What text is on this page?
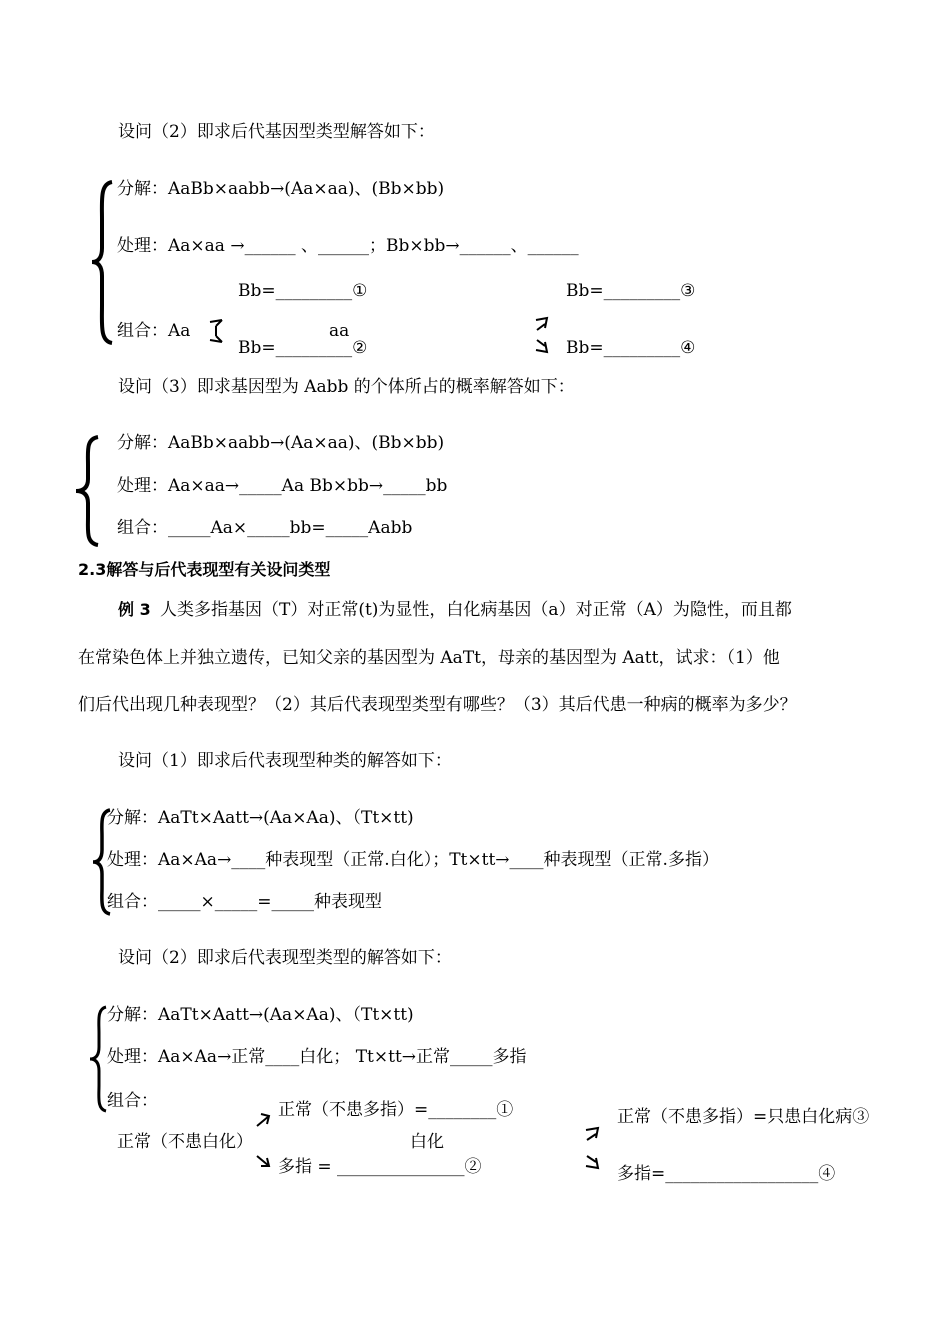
设问（2）即求后代基因型类型解答如下：
分解：AaBb×aabb→(Aa×aa)、(Bb×bb)
处理：Aa×aa →______ 、______；Bb×bb→______、______
Bb=_________①	Bb=_________③
组合：Aa	aa
Bb=_________②	Bb=_________④
设问（3）即求基因型为 Aabb 的个体所占的概率解答如下：
分解：AaBb×aabb→(Aa×aa)、(Bb×bb)
处理：Aa×aa→_____Aa Bb×bb→_____bb
组合：_____Aa×_____bb=_____Aabb
2.3解答与后代表现型有关设问类型
例 3 人类多指基因（T）对正常(t)为显性，白化病基因（a）对正常（A）为隐性，而且都
在常染色体上并独立遗传，已知父亲的基因型为 AaTt，母亲的基因型为 Aatt，试求：（1）他
们后代出现几种表现型？（2）其后代表现型类型有哪些？（3）其后代患一种病的概率为多少？
设问（1）即求后代表现型种类的解答如下：
分解：AaTt×Aatt→(Aa×Aa)、（Tt×tt)
处理：Aa×Aa→____种表现型（正常.白化）；Tt×tt→____种表现型（正常.多指）
组合：_____×_____=_____种表现型
设问（2）即求后代表现型类型的解答如下：
分解：AaTt×Aatt→(Aa×Aa)、（Tt×tt)
处理：Aa×Aa→正常____白化； Tt×tt→正常_____多指
组合：	正常（不患多指）=________①
正常（不患白化）	白化
多指 = _______________②
正常（不患多指）=只患白化病③
多指=__________________④
